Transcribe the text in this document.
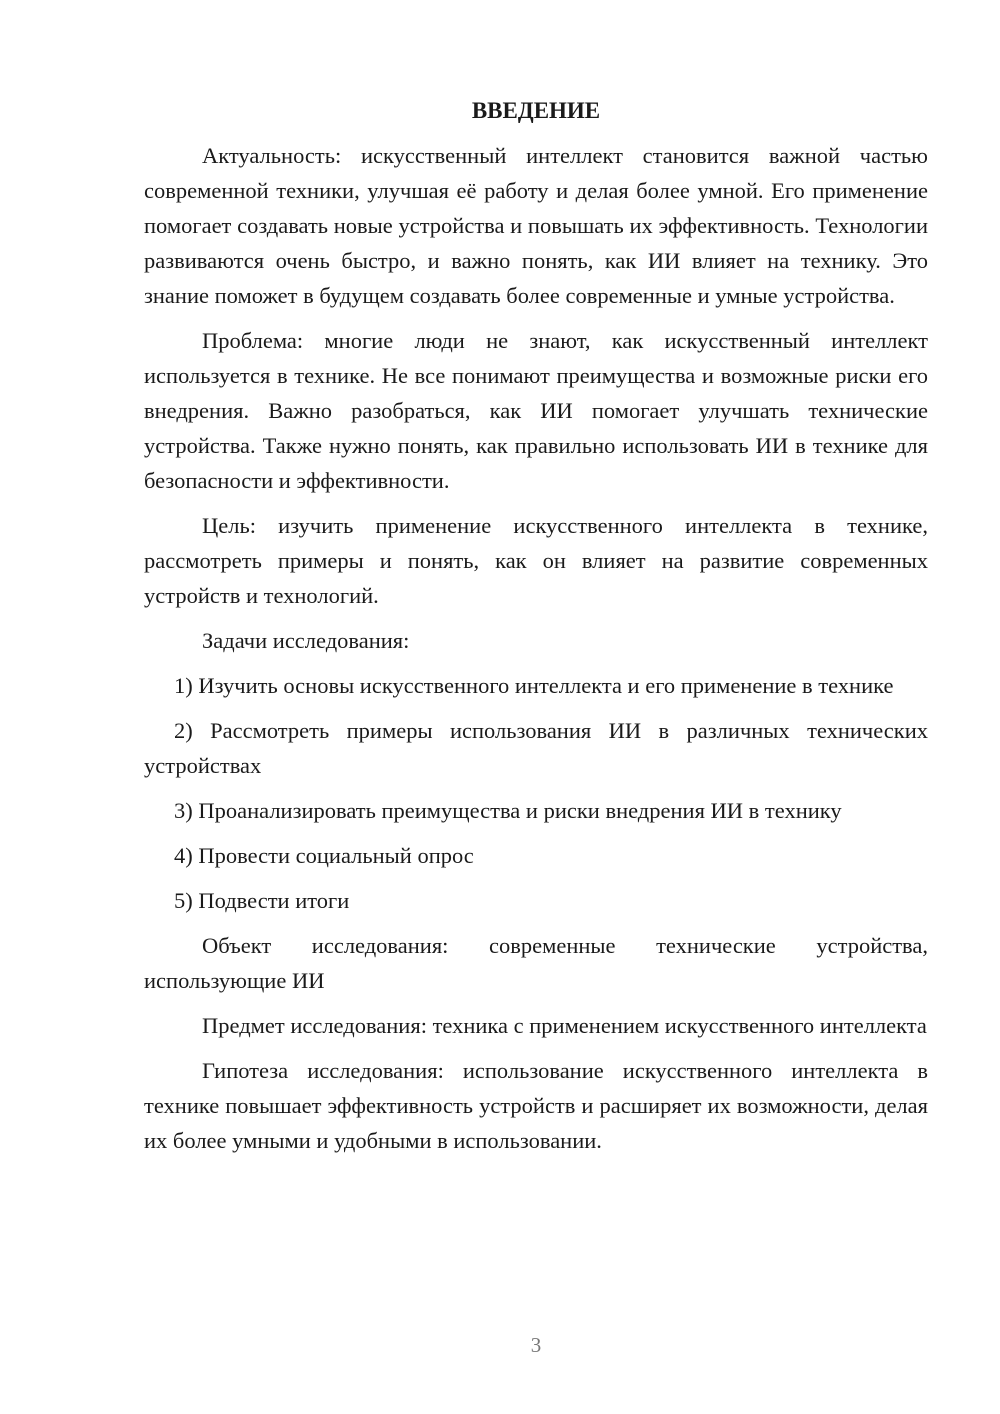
ВВЕДЕНИЕ

Актуальность: искусственный интеллект становится важной частью современной техники, улучшая её работу и делая более умной. Его применение помогает создавать новые устройства и повышать их эффективность. Технологии развиваются очень быстро, и важно понять, как ИИ влияет на технику. Это знание поможет в будущем создавать более современные и умные устройства.

Проблема: многие люди не знают, как искусственный интеллект используется в технике. Не все понимают преимущества и возможные риски его внедрения. Важно разобраться, как ИИ помогает улучшать технические устройства. Также нужно понять, как правильно использовать ИИ в технике для безопасности и эффективности.

Цель: изучить применение искусственного интеллекта в технике, рассмотреть примеры и понять, как он влияет на развитие современных устройств и технологий.

Задачи исследования:

1) Изучить основы искусственного интеллекта и его применение в технике

2) Рассмотреть примеры использования ИИ в различных технических устройствах

3) Проанализировать преимущества и риски внедрения ИИ в технику

4) Провести социальный опрос

5) Подвести итоги

Объект исследования: современные технические устройства, использующие ИИ

Предмет исследования: техника с применением искусственного интеллекта

Гипотеза исследования: использование искусственного интеллекта в технике повышает эффективность устройств и расширяет их возможности, делая их более умными и удобными в использовании.

3
